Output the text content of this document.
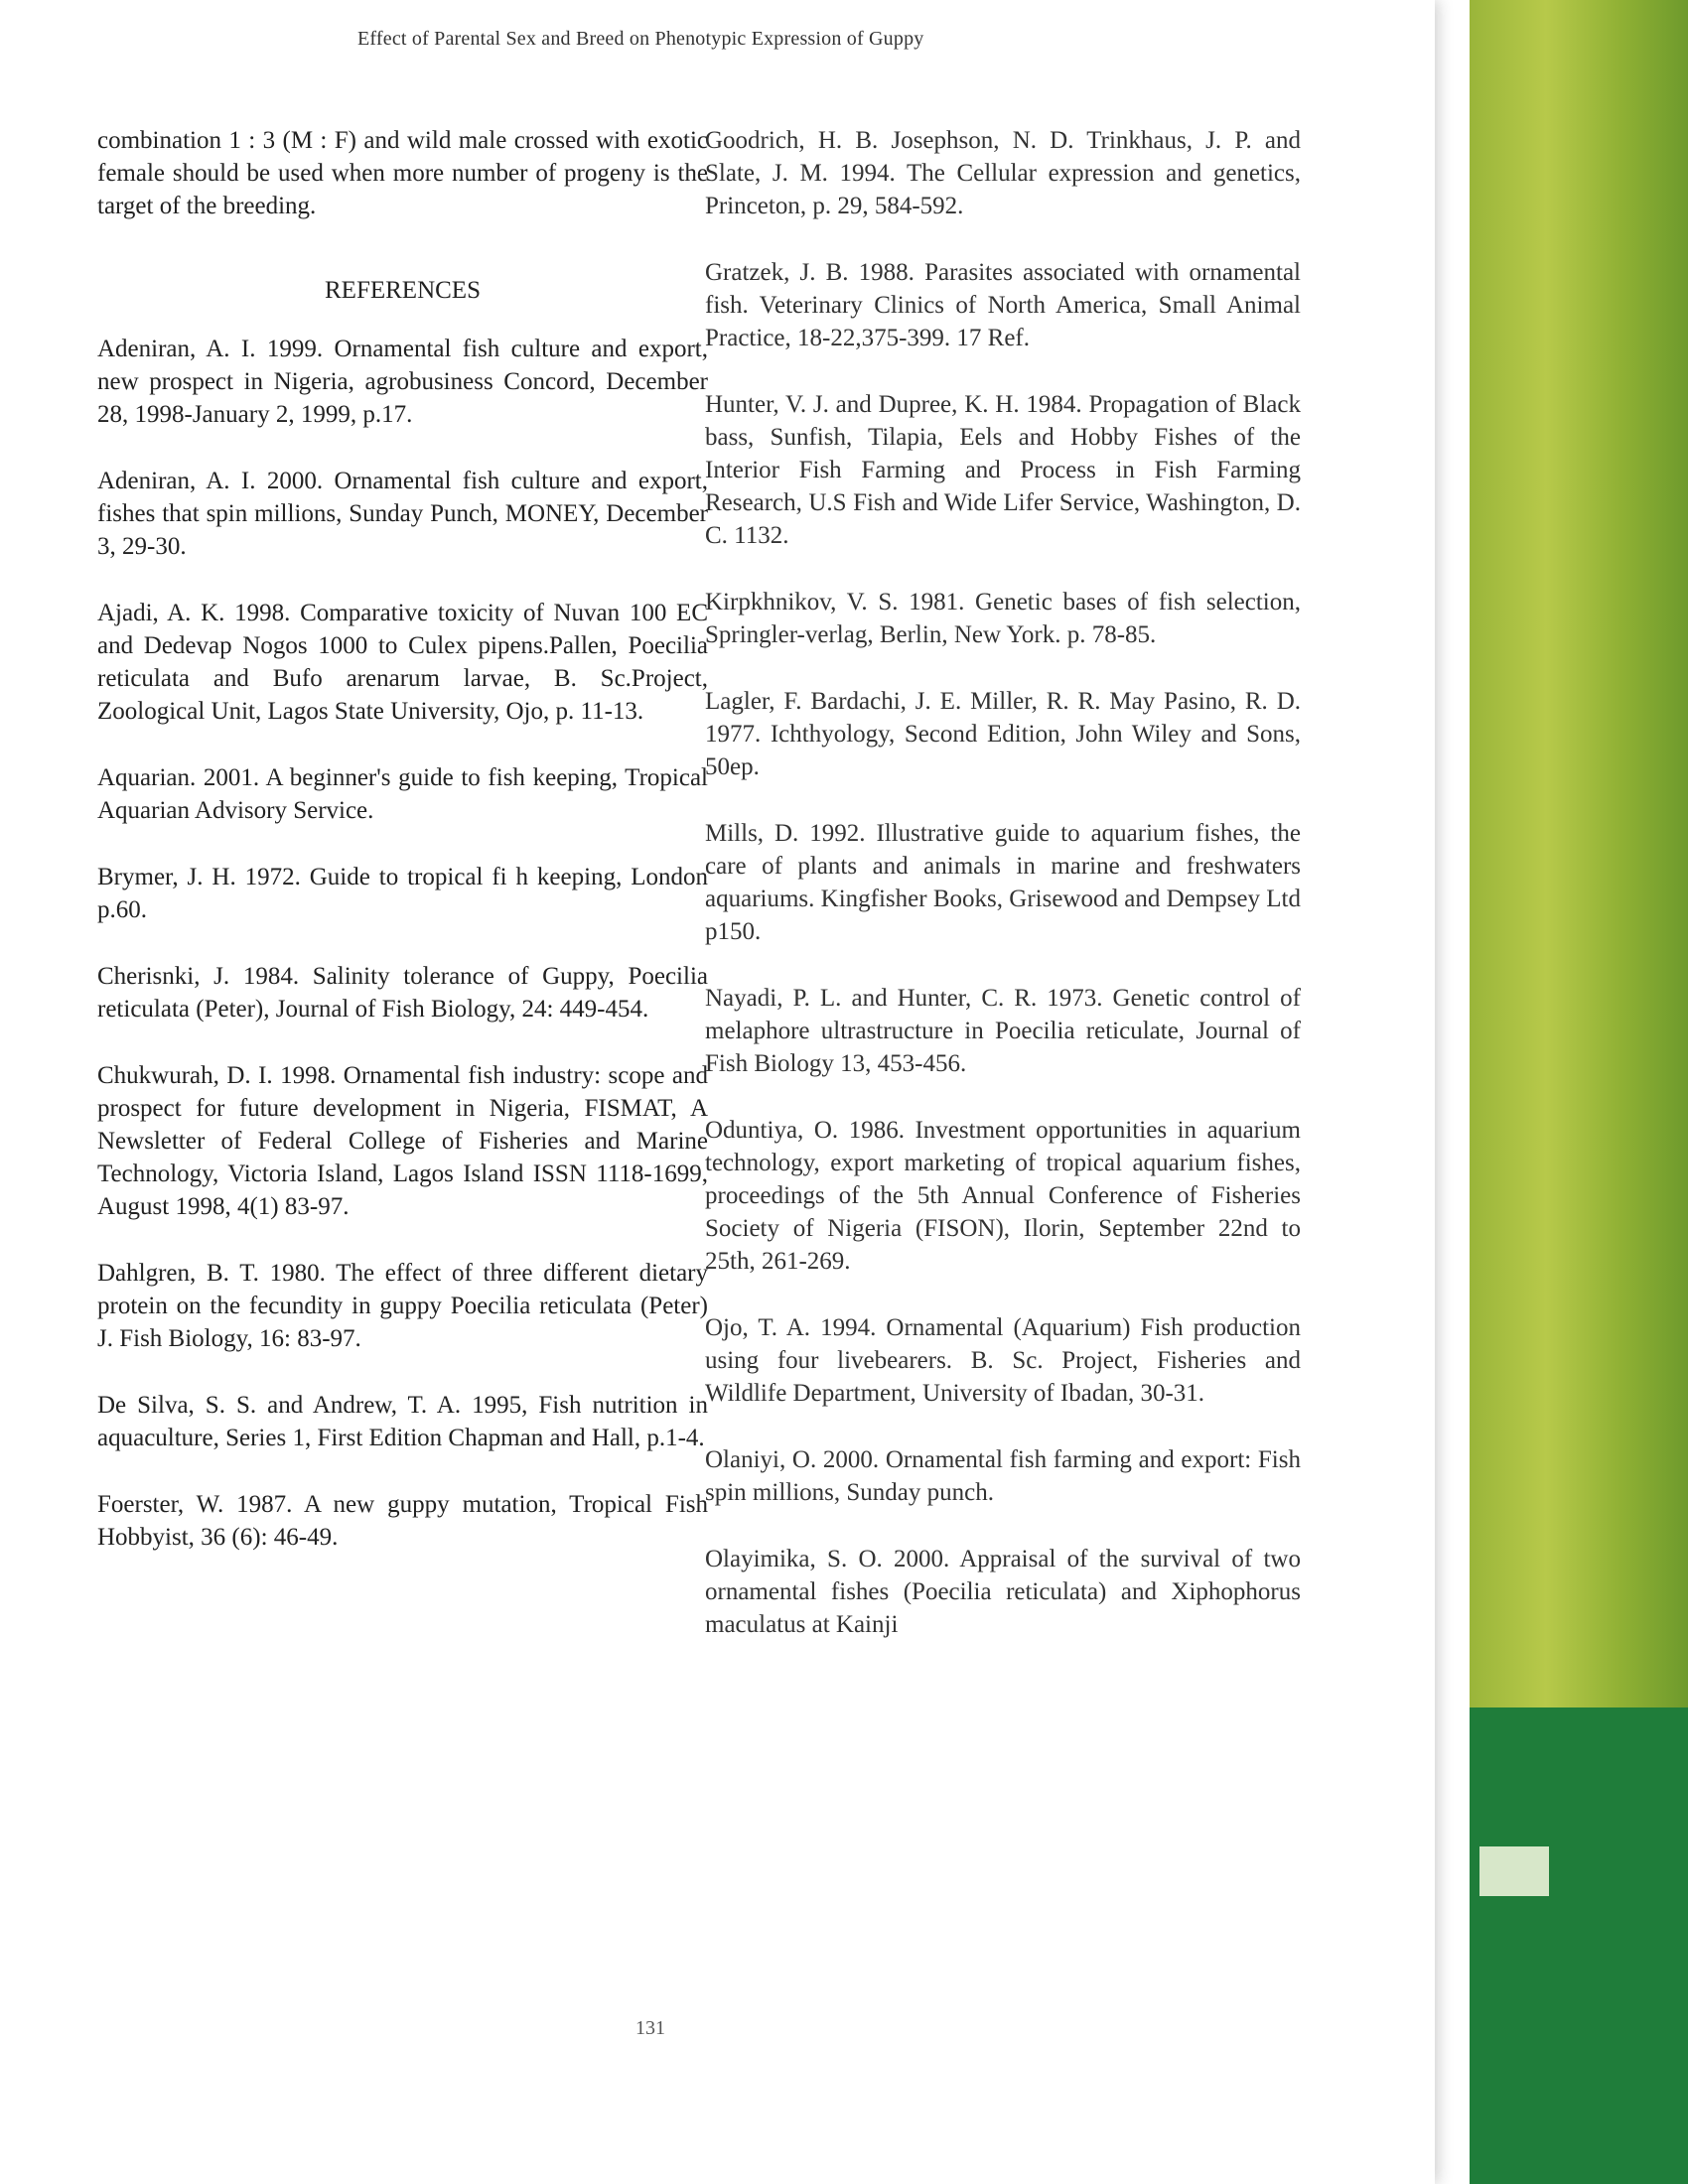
Effect of Parental Sex and Breed on Phenotypic Expression of Guppy

combination 1 : 3 (M : F) and wild male crossed with exotic female should be used when more number of progeny is the target of the breeding.

REFERENCES

Adeniran, A. I. 1999. Ornamental fish culture and export, new prospect in Nigeria, agrobusiness Concord, December 28, 1998-January 2, 1999, p.17.

Adeniran, A. I. 2000. Ornamental fish culture and export, fishes that spin millions, Sunday Punch, MONEY, December 3, 29-30.

Ajadi, A. K. 1998. Comparative toxicity of Nuvan 100 EC and Dedevap Nogos 1000 to Culex pipens.Pallen, Poecilia reticulata and Bufo arenarum larvae, B. Sc.Project, Zoological Unit, Lagos State University, Ojo, p. 11-13.

Aquarian. 2001. A beginner's guide to fish keeping, Tropical Aquarian Advisory Service.

Brymer, J. H. 1972. Guide to tropical fi h keeping, London p.60.

Cherisnki, J. 1984. Salinity tolerance of Guppy, Poecilia reticulata (Peter), Journal of Fish Biology, 24: 449-454.

Chukwurah, D. I. 1998. Ornamental fish industry: scope and prospect for future development in Nigeria, FISMAT, A Newsletter of Federal College of Fisheries and Marine Technology, Victoria Island, Lagos Island ISSN 1118-1699, August 1998, 4(1) 83-97.

Dahlgren, B. T. 1980. The effect of three different dietary protein on the fecundity in guppy Poecilia reticulata (Peter) J. Fish Biology, 16: 83-97.

De Silva, S. S. and Andrew, T. A. 1995, Fish nutrition in aquaculture, Series 1, First Edition Chapman and Hall, p.1-4.

Foerster, W. 1987. A new guppy mutation, Tropical Fish Hobbyist, 36 (6): 46-49.

Goodrich, H. B. Josephson, N. D. Trinkhaus, J. P. and Slate, J. M. 1994. The Cellular expression and genetics, Princeton, p. 29, 584-592.

Gratzek, J. B. 1988. Parasites associated with ornamental fish. Veterinary Clinics of North America, Small Animal Practice, 18-22,375-399. 17 Ref.

Hunter, V. J. and Dupree, K. H. 1984. Propagation of Black bass, Sunfish, Tilapia, Eels and Hobby Fishes of the Interior Fish Farming and Process in Fish Farming Research, U.S Fish and Wide Lifer Service, Washington, D. C. 1132.

Kirpkhnikov, V. S. 1981. Genetic bases of fish selection, Springler-verlag, Berlin, New York. p. 78-85.

Lagler, F. Bardachi, J. E. Miller, R. R. May Pasino, R. D. 1977. Ichthyology, Second Edition, John Wiley and Sons, 50ep.

Mills, D. 1992. Illustrative guide to aquarium fishes, the care of plants and animals in marine and freshwaters aquariums. Kingfisher Books, Grisewood and Dempsey Ltd p150.

Nayadi, P. L. and Hunter, C. R. 1973. Genetic control of melaphore ultrastructure in Poecilia reticulate, Journal of Fish Biology 13, 453-456.

Oduntiya, O. 1986. Investment opportunities in aquarium technology, export marketing of tropical aquarium fishes, proceedings of the 5th Annual Conference of Fisheries Society of Nigeria (FISON), Ilorin, September 22nd to 25th, 261-269.

Ojo, T. A. 1994. Ornamental (Aquarium) Fish production using four livebearers. B. Sc. Project, Fisheries and Wildlife Department, University of Ibadan, 30-31.

Olaniyi, O. 2000. Ornamental fish farming and export: Fish spin millions, Sunday punch.

Olayimika, S. O. 2000. Appraisal of the survival of two ornamental fishes (Poecilia reticulata) and Xiphophorus maculatus at Kainji

131
